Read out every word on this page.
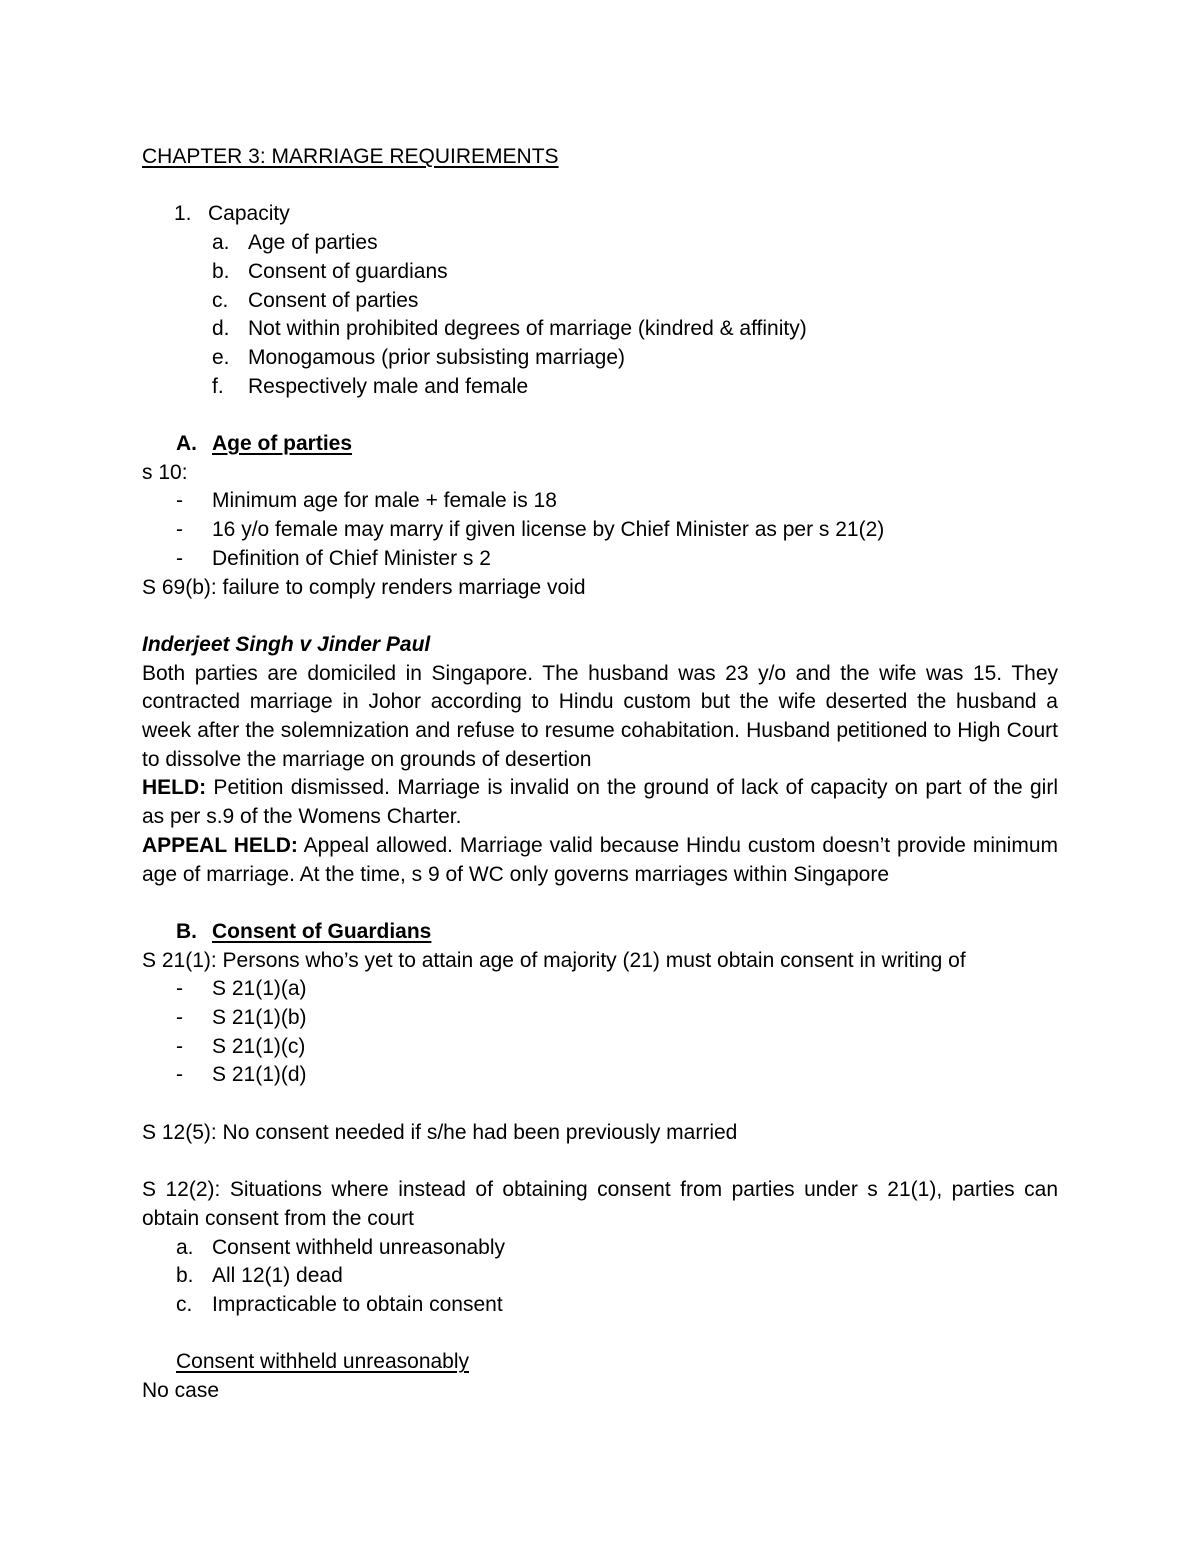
CHAPTER 3: MARRIAGE REQUIREMENTS

1. Capacity
a. Age of parties
b. Consent of guardians
c. Consent of parties
d. Not within prohibited degrees of marriage (kindred & affinity)
e. Monogamous (prior subsisting marriage)
f.	Respectively male and female
A. Age of parties

s 10:

-	Minimum age for male + female is 18
-	16 y/o female may marry if given license by Chief Minister as per s 21(2)
-	Definition of Chief Minister s 2

S 69(b): failure to comply renders marriage void

Inderjeet Singh v Jinder Paul

Both parties are domiciled in Singapore. The husband was 23 y/o and the wife was 15. They contracted marriage in Johor according to Hindu custom but the wife deserted the husband a week after the solemnization and refuse to resume cohabitation. Husband petitioned to High Court to dissolve the marriage on grounds of desertion

HELD: Petition dismissed. Marriage is invalid on the ground of lack of capacity on part of the girl as per s.9 of the Womens Charter.

APPEAL HELD: Appeal allowed. Marriage valid because Hindu custom doesn’t provide minimum age of marriage. At the time, s 9 of WC only governs marriages within Singapore

B. Consent of Guardians

S 21(1): Persons who’s yet to attain age of majority (21) must obtain consent in writing of

-	S 21(1)(a)
-	S 21(1)(b)
-	S 21(1)(c)
-	S 21(1)(d)

S 12(5): No consent needed if s/he had been previously married

S 12(2): Situations where instead of obtaining consent from parties under s 21(1), parties can obtain consent from the court

a. Consent withheld unreasonably
b. All 12(1) dead
c. Impracticable to obtain consent

Consent withheld unreasonably

No case
